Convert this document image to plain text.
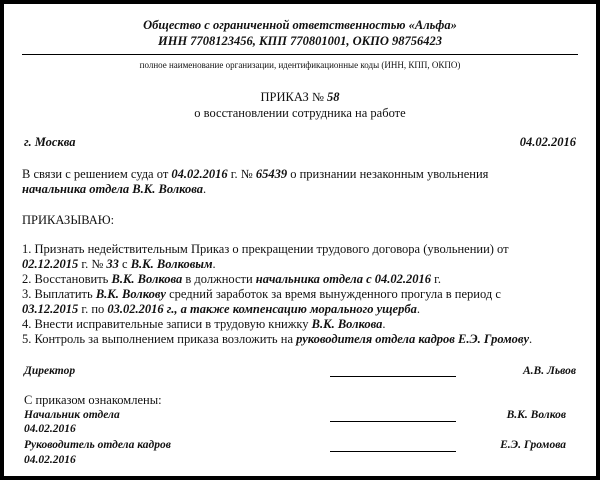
Общество с ограниченной ответственностью «Альфа»
ИНН 7708123456, КПП 770801001, ОКПО 98756423
полное наименование организации, идентификационные коды (ИНН, КПП, ОКПО)
ПРИКАЗ № 58
о восстановлении сотрудника на работе
г. Москва	04.02.2016
В связи с решением суда от 04.02.2016 г. № 65439 о признании незаконным увольнения
начальника отдела В.К. Волкова.
ПРИКАЗЫВАЮ:
1. Признать недействительным Приказ о прекращении трудового договора (увольнении) от
02.12.2015 г. № 33 с В.К. Волковым.
2. Восстановить В.К. Волкова в должности начальника отдела с 04.02.2016 г.
3. Выплатить В.К. Волкову средний заработок за время вынужденного прогула в период с
03.12.2015 г. по 03.02.2016 г., а также компенсацию морального ущерба.
4. Внести исправительные записи в трудовую книжку В.К. Волкова.
5. Контроль за выполнением приказа возложить на руководителя отдела кадров Е.Э. Громову.
Директор	А.В. Львов
С приказом ознакомлены:
Начальник отдела	В.К. Волков
04.02.2016
Руководитель отдела кадров	Е.Э. Громова
04.02.2016
